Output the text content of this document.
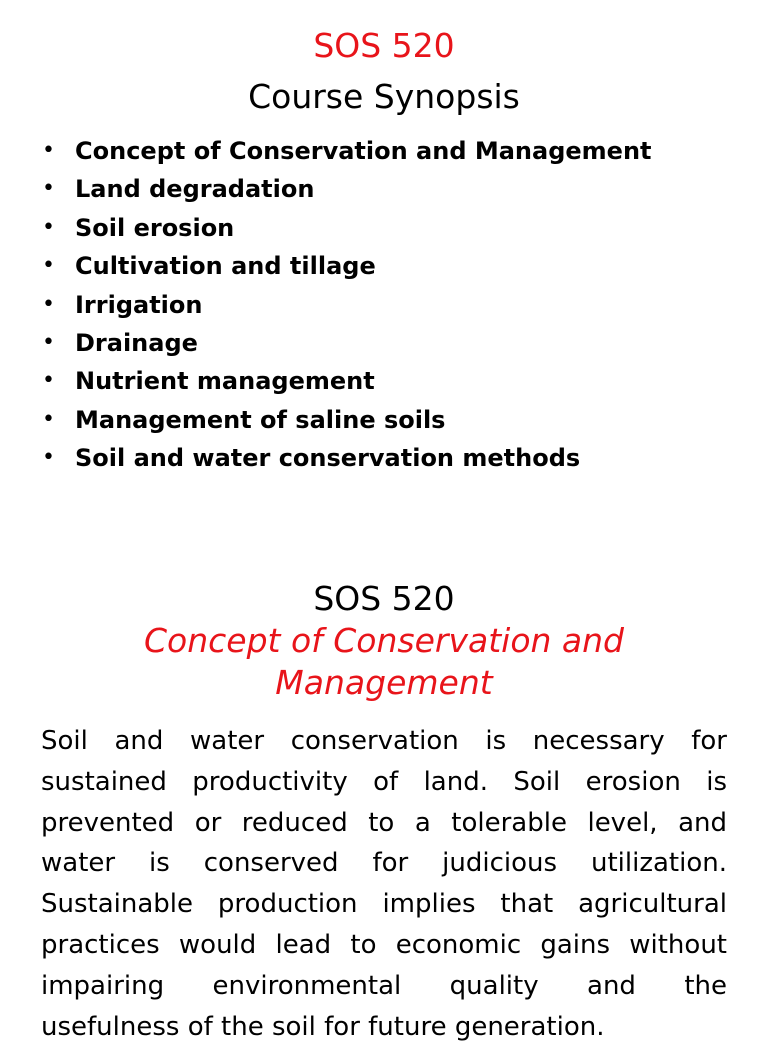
SOS 520
Course Synopsis
• Concept of Conservation and Management
• Land degradation
• Soil erosion
• Cultivation and tillage
• Irrigation
• Drainage
• Nutrient management
• Management of saline soils
• Soil and water conservation methods
SOS 520
Concept of Conservation and
Management
Soil and water conservation is necessary for
sustained productivity of land. Soil erosion is
prevented or reduced to a tolerable level, and
water is conserved for judicious utilization.
Sustainable production implies that agricultural
practices would lead to economic gains without
impairing environmental quality and the
usefulness of the soil for future generation.
